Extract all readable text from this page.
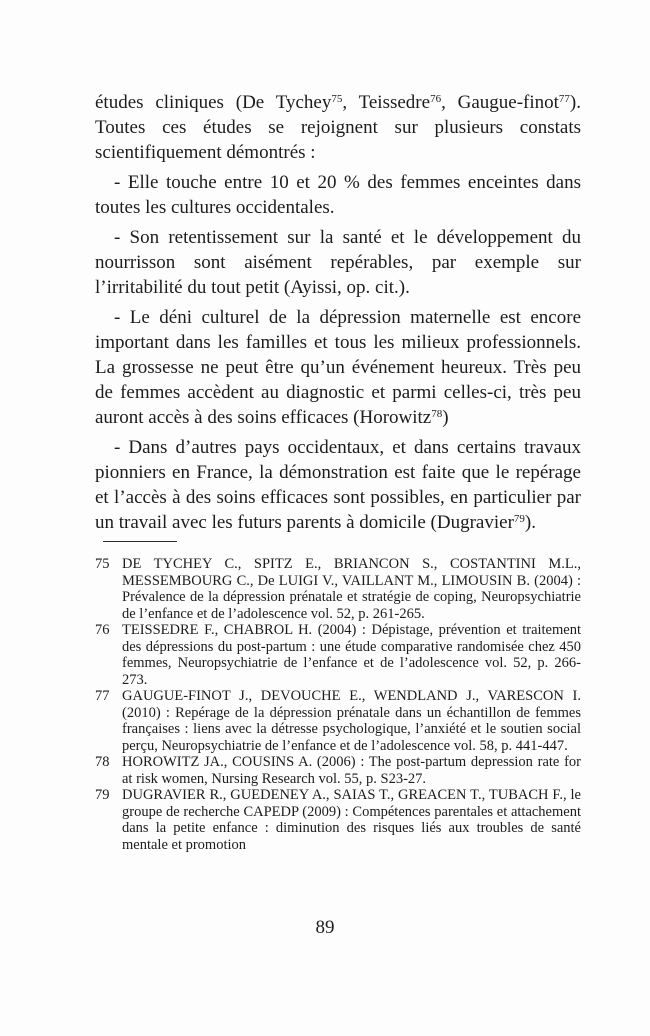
études cliniques (De Tychey$^{75}$, Teissedre$^{76}$, Gaugue-finot$^{77}$). Toutes ces études se rejoignent sur plusieurs constats scientifiquement démontrés :

- Elle touche entre 10 et 20 % des femmes enceintes dans toutes les cultures occidentales.

- Son retentissement sur la santé et le développement du nourrisson sont aisément repérables, par exemple sur l’irritabilité du tout petit (Ayissi, op. cit.).

- Le déni culturel de la dépression maternelle est encore important dans les familles et tous les milieux professionnels. La grossesse ne peut être qu’un événement heureux. Très peu de femmes accèdent au diagnostic et parmi celles-ci, très peu auront accès à des soins efficaces (Horowitz$^{78}$)

- Dans d’autres pays occidentaux, et dans certains travaux pionniers en France, la démonstration est faite que le repérage et l’accès à des soins efficaces sont possibles, en particulier par un travail avec les futurs parents à domicile (Dugravier$^{79}$).

75 DE TYCHEY C., SPITZ E., BRIANCON S., COSTANTINI M.L., MESSEMBOURG C., De LUIGI V., VAILLANT M., LIMOUSIN B. (2004) : Prévalence de la dépression prénatale et stratégie de coping, Neuropsychiatrie de l’enfance et de l’adolescence vol. 52, p. 261-265.
76 TEISSEDRE F., CHABROL H. (2004) : Dépistage, prévention et traitement des dépressions du post-partum : une étude comparative randomisée chez 450 femmes, Neuropsychiatrie de l’enfance et de l’adolescence vol. 52, p. 266-273.
77 GAUGUE-FINOT J., DEVOUCHE E., WENDLAND J., VARESCON I. (2010) : Repérage de la dépression prénatale dans un échantillon de femmes françaises : liens avec la détresse psychologique, l’anxiété et le soutien social perçu, Neuropsychiatrie de l’enfance et de l’adolescence vol. 58, p. 441-447.
78 HOROWITZ JA., COUSINS A. (2006) : The post-partum depression rate for at risk women, Nursing Research vol. 55, p. S23-27.
79 DUGRAVIER R., GUEDENEY A., SAIAS T., GREACEN T., TUBACH F., le groupe de recherche CAPEDP (2009) : Compétences parentales et attachement dans la petite enfance : diminution des risques liés aux troubles de santé mentale et promotion
89
